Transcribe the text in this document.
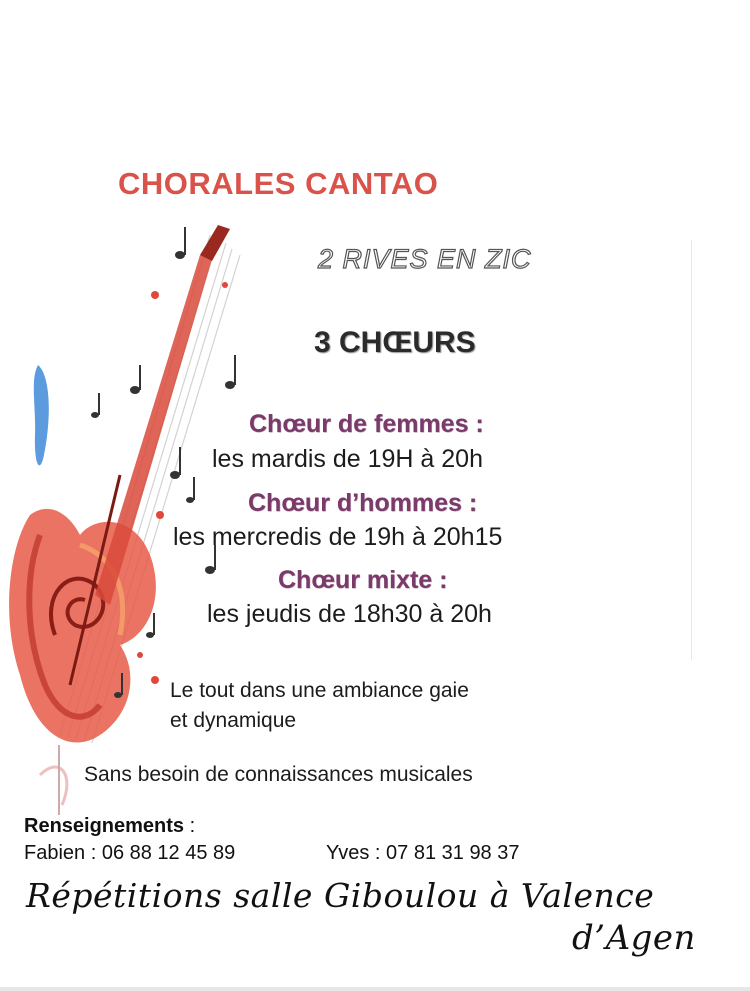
CHORALES CANTAO
2 RIVES EN ZIC
3 CHŒURS
Chœur de femmes :
les mardis de 19H à 20h
Chœur d’hommes :
les mercredis de 19h à 20h15
Chœur mixte :
les jeudis de 18h30 à 20h
Le tout dans une ambiance gaie
et dynamique
Sans besoin de connaissances musicales
Renseignements :
Fabien : 06 88 12 45 89	Yves : 07 81 31 98 37
Répétitions salle Giboulou à Valence
d’Agen
